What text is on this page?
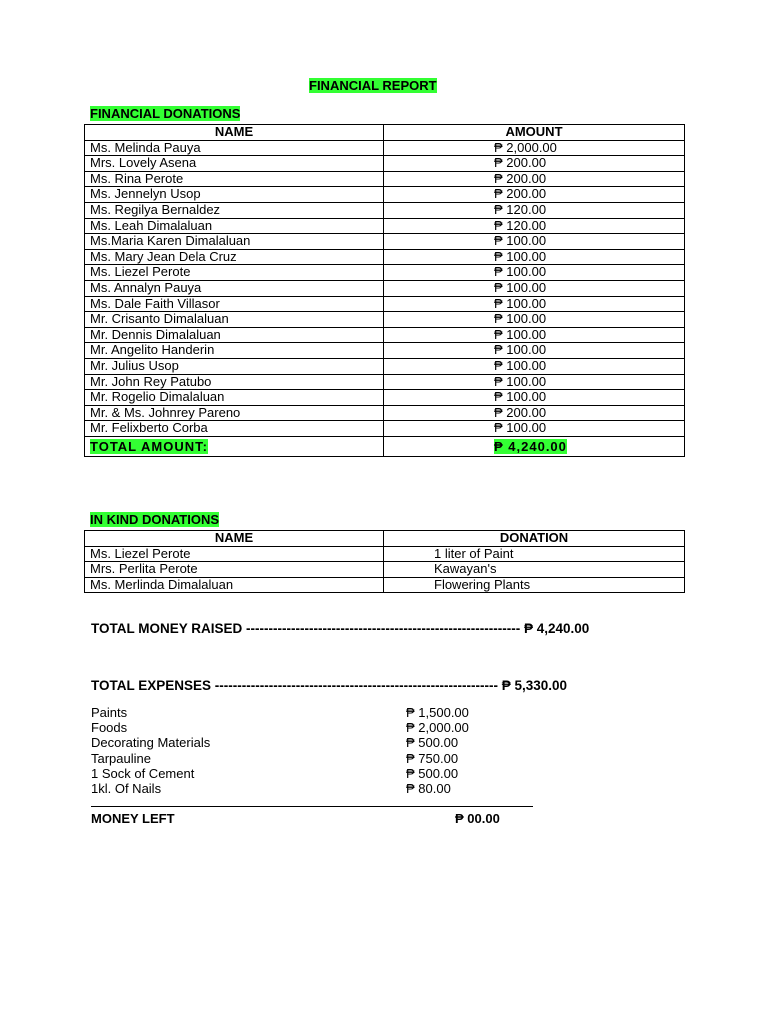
FINANCIAL REPORT
FINANCIAL DONATIONS
NAME	AMOUNT
Ms. Melinda Pauya	₱ 2,000.00
Mrs. Lovely Asena	₱ 200.00
Ms. Rina Perote	₱ 200.00
Ms. Jennelyn Usop	₱ 200.00
Ms. Regilya Bernaldez	₱ 120.00
Ms. Leah Dimalaluan	₱ 120.00
Ms.Maria Karen Dimalaluan	₱ 100.00
Ms. Mary Jean Dela Cruz	₱ 100.00
Ms. Liezel Perote	₱ 100.00
Ms. Annalyn Pauya	₱ 100.00
Ms. Dale Faith Villasor	₱ 100.00
Mr. Crisanto Dimalaluan	₱ 100.00
Mr. Dennis Dimalaluan	₱ 100.00
Mr. Angelito Handerin	₱ 100.00
Mr. Julius Usop	₱ 100.00
Mr. John Rey Patubo	₱ 100.00
Mr. Rogelio Dimalaluan	₱ 100.00
Mr. & Ms. Johnrey Pareno	₱ 200.00
Mr. Felixberto Corba	₱ 100.00
TOTAL AMOUNT:	₱ 4,240.00
IN KIND DONATIONS
NAME	DONATION
Ms. Liezel Perote	1 liter of Paint
Mrs. Perlita Perote	Kawayan's
Ms. Merlinda Dimalaluan	Flowering Plants
TOTAL MONEY RAISED ------------------------------------------------------------- ₱ 4,240.00
TOTAL EXPENSES --------------------------------------------------------------- ₱ 5,330.00
Paints	₱ 1,500.00
Foods	₱ 2,000.00
Decorating Materials	₱ 500.00
Tarpauline	₱ 750.00
1 Sock of Cement	₱ 500.00
1kl. Of Nails	₱ 80.00
MONEY LEFT	₱ 00.00
